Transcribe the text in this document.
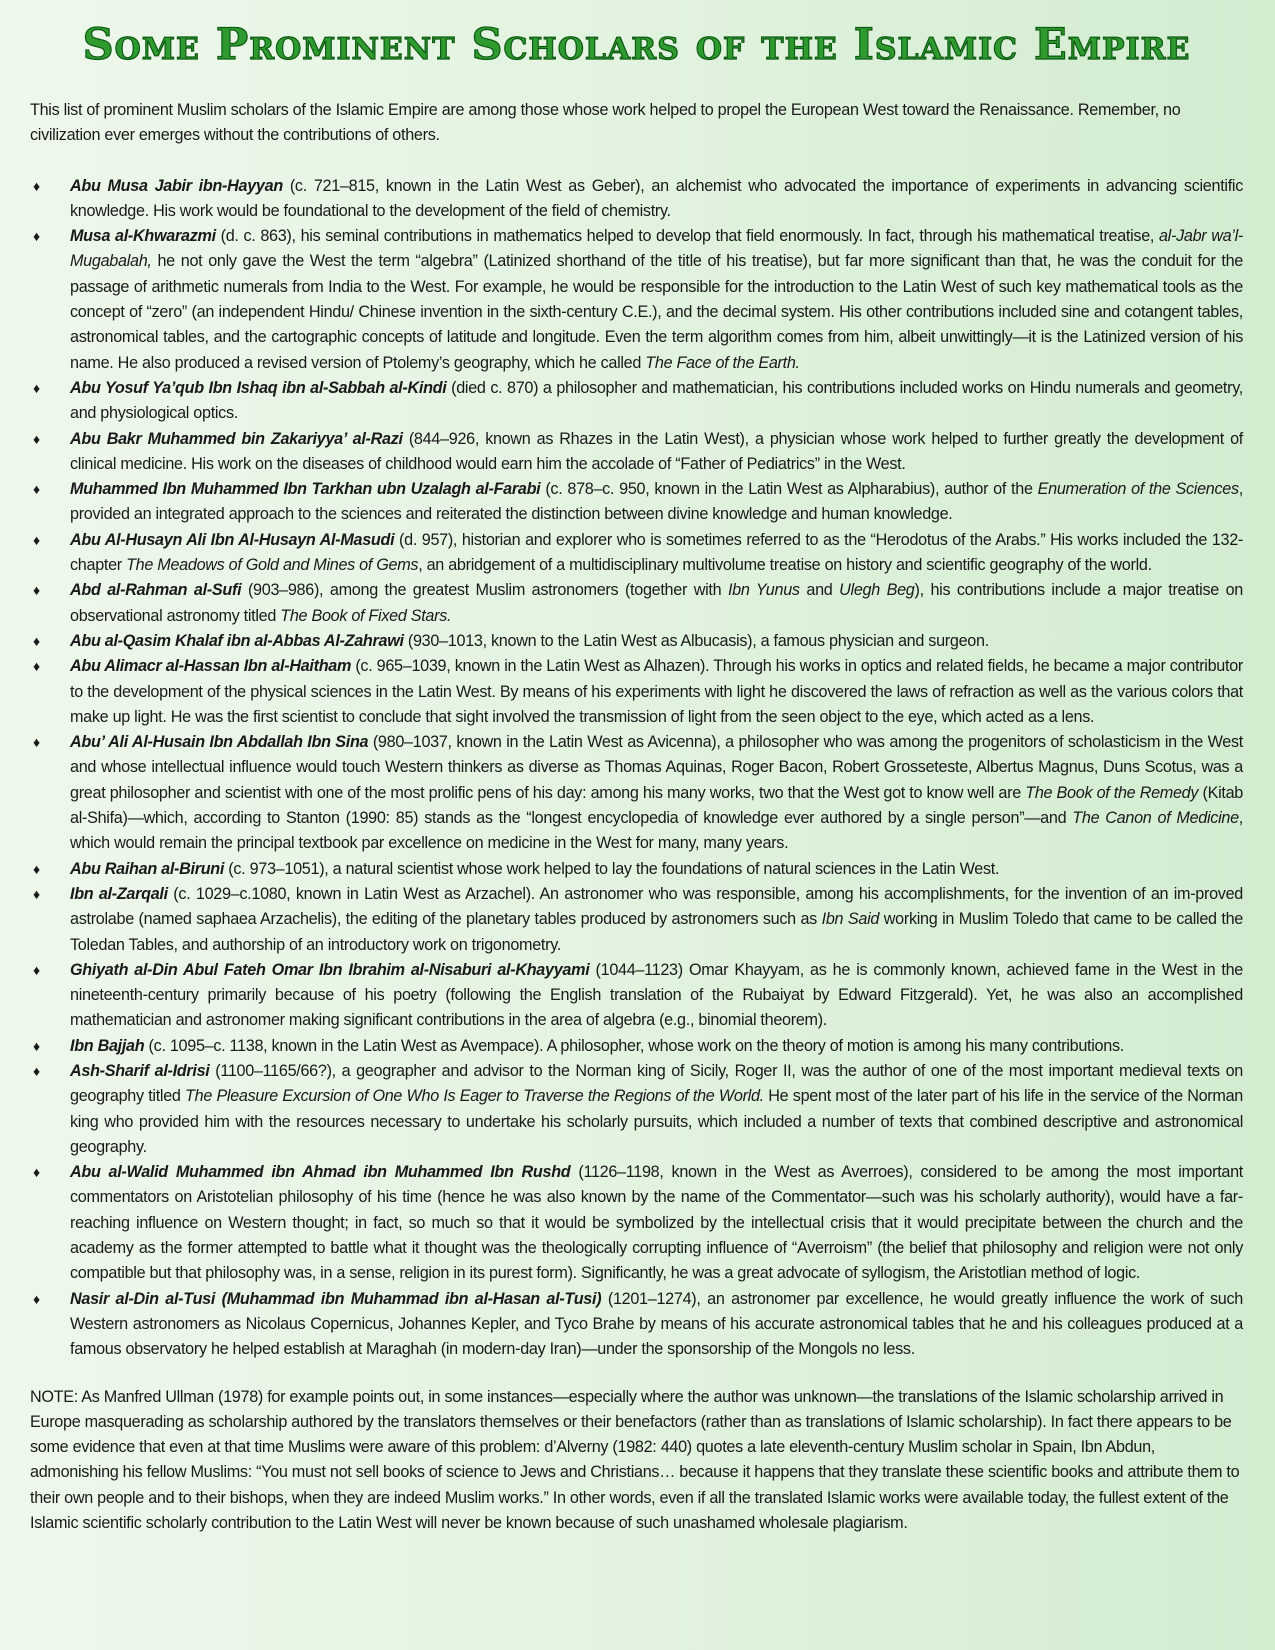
Some Prominent Scholars of the Islamic Empire

This list of prominent Muslim scholars of the Islamic Empire are among those whose work helped to propel the European West toward the Renaissance. Remember, no civilization ever emerges without the contributions of others.

♦ Abu Musa Jabir ibn-Hayyan (c. 721–815, known in the Latin West as Geber), an alchemist who advocated the importance of experiments in advancing scientific knowledge. His work would be foundational to the development of the field of chemistry.
♦ Musa al-Khwarazmi (d. c. 863), his seminal contributions in mathematics helped to develop that field enormously. In fact, through his mathematical treatise, al-Jabr wa’l-Mugabalah, he not only gave the West the term “algebra” (Latinized shorthand of the title of his treatise), but far more significant than that, he was the conduit for the passage of arithmetic numerals from India to the West. For example, he would be responsible for the introduction to the Latin West of such key mathematical tools as the concept of “zero” (an independent Hindu/ Chinese invention in the sixth-century C.E.), and the decimal system. His other contributions included sine and cotangent tables, astronomical tables, and the cartographic concepts of latitude and longitude. Even the term algorithm comes from him, albeit unwittingly—it is the Latinized version of his name. He also produced a revised version of Ptolemy’s geography, which he called The Face of the Earth.
♦ Abu Yosuf Ya’qub Ibn Ishaq ibn al-Sabbah al-Kindi (died c. 870) a philosopher and mathematician, his contributions included works on Hindu numerals and geometry, and physiological optics.
♦ Abu Bakr Muhammed bin Zakariyya’ al-Razi (844–926, known as Rhazes in the Latin West), a physician whose work helped to further greatly the development of clinical medicine. His work on the diseases of childhood would earn him the accolade of “Father of Pediatrics” in the West.
♦ Muhammed Ibn Muhammed Ibn Tarkhan ubn Uzalagh al-Farabi (c. 878–c. 950, known in the Latin West as Alpharabius), author of the Enumeration of the Sciences, provided an integrated approach to the sciences and reiterated the distinction between divine knowledge and human knowledge.
♦ Abu Al-Husayn Ali Ibn Al-Husayn Al-Masudi (d. 957), historian and explorer who is sometimes referred to as the “Herodotus of the Arabs.” His works included the 132-chapter The Meadows of Gold and Mines of Gems, an abridgement of a multidisciplinary multivolume treatise on history and scientific geography of the world.
♦ Abd al-Rahman al-Sufi (903–986), among the greatest Muslim astronomers (together with Ibn Yunus and Ulegh Beg), his contributions include a major treatise on observational astronomy titled The Book of Fixed Stars.
♦ Abu al-Qasim Khalaf ibn al-Abbas Al-Zahrawi (930–1013, known to the Latin West as Albucasis), a famous physician and surgeon.
♦ Abu Alimacr al-Hassan Ibn al-Haitham (c. 965–1039, known in the Latin West as Alhazen). Through his works in optics and related fields, he became a major contributor to the development of the physical sciences in the Latin West. By means of his experiments with light he discovered the laws of refraction as well as the various colors that make up light. He was the first scientist to conclude that sight involved the transmission of light from the seen object to the eye, which acted as a lens.
♦ Abu’ Ali Al-Husain Ibn Abdallah Ibn Sina (980–1037, known in the Latin West as Avicenna), a philosopher who was among the progenitors of scholasticism in the West and whose intellectual influence would touch Western thinkers as diverse as Thomas Aquinas, Roger Bacon, Robert Grosseteste, Albertus Magnus, Duns Scotus, was a great philosopher and scientist with one of the most prolific pens of his day: among his many works, two that the West got to know well are The Book of the Remedy (Kitab al-Shifa)—which, according to Stanton (1990: 85) stands as the “longest encyclopedia of knowledge ever authored by a single person”—and The Canon of Medicine, which would remain the principal textbook par excellence on medicine in the West for many, many years.
♦ Abu Raihan al-Biruni (c. 973–1051), a natural scientist whose work helped to lay the foundations of natural sciences in the Latin West.
♦ Ibn al-Zarqali (c. 1029–c.1080, known in Latin West as Arzachel). An astronomer who was responsible, among his accomplishments, for the invention of an im-proved astrolabe (named saphaea Arzachelis), the editing of the planetary tables produced by astronomers such as Ibn Said working in Muslim Toledo that came to be called the Toledan Tables, and authorship of an introductory work on trigonometry.
♦ Ghiyath al-Din Abul Fateh Omar Ibn Ibrahim al-Nisaburi al-Khayyami (1044–1123) Omar Khayyam, as he is commonly known, achieved fame in the West in the nineteenth-century primarily because of his poetry (following the English translation of the Rubaiyat by Edward Fitzgerald). Yet, he was also an accomplished mathematician and astronomer making significant contributions in the area of algebra (e.g., binomial theorem).
♦ Ibn Bajjah (c. 1095–c. 1138, known in the Latin West as Avempace). A philosopher, whose work on the theory of motion is among his many contributions.
♦ Ash-Sharif al-Idrisi (1100–1165/66?), a geographer and advisor to the Norman king of Sicily, Roger II, was the author of one of the most important medieval texts on geography titled The Pleasure Excursion of One Who Is Eager to Traverse the Regions of the World. He spent most of the later part of his life in the service of the Norman king who provided him with the resources necessary to undertake his scholarly pursuits, which included a number of texts that combined descriptive and astronomical geography.
♦ Abu al-Walid Muhammed ibn Ahmad ibn Muhammed Ibn Rushd (1126–1198, known in the West as Averroes), considered to be among the most important commentators on Aristotelian philosophy of his time (hence he was also known by the name of the Commentator—such was his scholarly authority), would have a far-reaching influence on Western thought; in fact, so much so that it would be symbolized by the intellectual crisis that it would precipitate between the church and the academy as the former attempted to battle what it thought was the theologically corrupting influence of “Averroism” (the belief that philosophy and religion were not only compatible but that philosophy was, in a sense, religion in its purest form). Significantly, he was a great advocate of syllogism, the Aristotlian method of logic.
♦ Nasir al-Din al-Tusi (Muhammad ibn Muhammad ibn al-Hasan al-Tusi) (1201–1274), an astronomer par excellence, he would greatly influence the work of such Western astronomers as Nicolaus Copernicus, Johannes Kepler, and Tyco Brahe by means of his accurate astronomical tables that he and his colleagues produced at a famous observatory he helped establish at Maraghah (in modern-day Iran)—under the sponsorship of the Mongols no less.

NOTE: As Manfred Ullman (1978) for example points out, in some instances—especially where the author was unknown—the translations of the Islamic scholarship arrived in Europe masquerading as scholarship authored by the translators themselves or their benefactors (rather than as translations of Islamic scholarship). In fact there appears to be some evidence that even at that time Muslims were aware of this problem: d’Alverny (1982: 440) quotes a late eleventh-century Muslim scholar in Spain, Ibn Abdun, admonishing his fellow Muslims: “You must not sell books of science to Jews and Christians… because it happens that they translate these scientific books and attribute them to their own people and to their bishops, when they are indeed Muslim works.” In other words, even if all the translated Islamic works were available today, the fullest extent of the Islamic scientific scholarly contribution to the Latin West will never be known because of such unashamed wholesale plagiarism.
